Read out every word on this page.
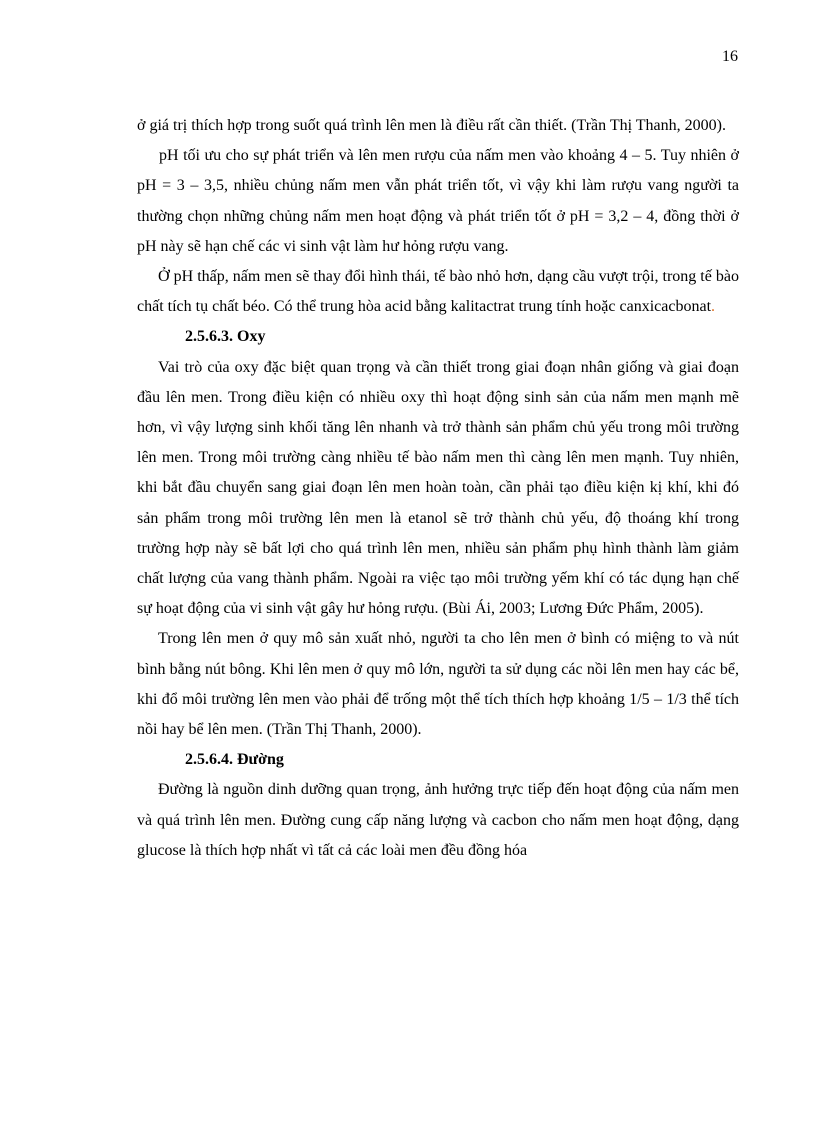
16

ở giá trị thích hợp trong suốt quá trình lên men là điều rất cần thiết. (Trần Thị Thanh, 2000).

pH tối ưu cho sự phát triển và lên men rượu của nấm men vào khoảng 4 – 5. Tuy nhiên ở pH = 3 – 3,5, nhiều chủng nấm men vẫn phát triển tốt, vì vậy khi làm rượu vang người ta thường chọn những chủng nấm men hoạt động và phát triển tốt ở pH = 3,2 – 4, đồng thời ở pH này sẽ hạn chế các vi sinh vật làm hư hỏng rượu vang.

Ở pH thấp, nấm men sẽ thay đổi hình thái, tế bào nhỏ hơn, dạng cầu vượt trội, trong tế bào chất tích tụ chất béo. Có thể trung hòa acid bằng kalitactrat trung tính hoặc canxicacbonat.

2.5.6.3. Oxy

Vai trò của oxy đặc biệt quan trọng và cần thiết trong giai đoạn nhân giống và giai đoạn đầu lên men. Trong điều kiện có nhiều oxy thì hoạt động sinh sản của nấm men mạnh mẽ hơn, vì vậy lượng sinh khối tăng lên nhanh và trở thành sản phẩm chủ yếu trong môi trường lên men. Trong môi trường càng nhiều tế bào nấm men thì càng lên men mạnh. Tuy nhiên, khi bắt đầu chuyển sang giai đoạn lên men hoàn toàn, cần phải tạo điều kiện kị khí, khi đó sản phẩm trong môi trường lên men là etanol sẽ trở thành chủ yếu, độ thoáng khí trong trường hợp này sẽ bất lợi cho quá trình lên men, nhiều sản phẩm phụ hình thành làm giảm chất lượng của vang thành phẩm. Ngoài ra việc tạo môi trường yếm khí có tác dụng hạn chế sự hoạt động của vi sinh vật gây hư hỏng rượu. (Bùi Ái, 2003; Lương Đức Phẩm, 2005).

Trong lên men ở quy mô sản xuất nhỏ, người ta cho lên men ở bình có miệng to và nút bình bằng nút bông. Khi lên men ở quy mô lớn, người ta sử dụng các nồi lên men hay các bể, khi đổ môi trường lên men vào phải để trống một thể tích thích hợp khoảng 1/5 – 1/3 thể tích nồi hay bể lên men. (Trần Thị Thanh, 2000).

2.5.6.4. Đường

Đường là nguồn dinh dưỡng quan trọng, ảnh hưởng trực tiếp đến hoạt động của nấm men và quá trình lên men. Đường cung cấp năng lượng và cacbon cho nấm men hoạt động, dạng glucose là thích hợp nhất vì tất cả các loài men đều đồng hóa
